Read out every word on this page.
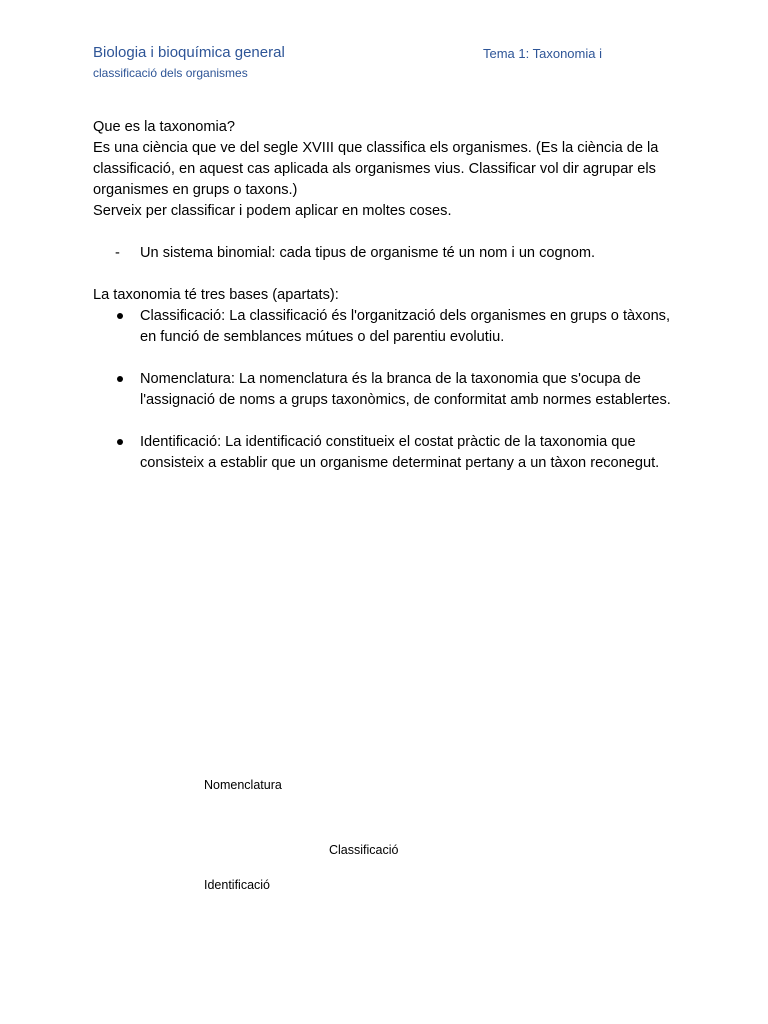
Biologia i bioquímica general	Tema 1: Taxonomia i
classificació dels organismes

Que es la taxonomia?

Es una ciència que ve del segle XVIII que classifica els organismes. (Es la ciència de la classificació, en aquest cas aplicada als organismes vius. Classificar vol dir agrupar els organismes en grups o taxons.)

Serveix per classificar i podem aplicar en moltes coses.

- Un sistema binomial: cada tipus de organisme té un nom i un cognom.

La taxonomia té tres bases (apartats):

Classificació: La classificació és l'organització dels organismes en grups o tàxons, en funció de semblances mútues o del parentiu evolutiu.
Nomenclatura: La nomenclatura és la branca de la taxonomia que s'ocupa de l'assignació de noms a grups taxonòmics, de conformitat amb normes establertes.
Identificació: La identificació constitueix el costat pràctic de la taxonomia que consisteix a establir que un organisme determinat pertany a un tàxon reconegut.
Nomenclatura
Classificació
Identificació
